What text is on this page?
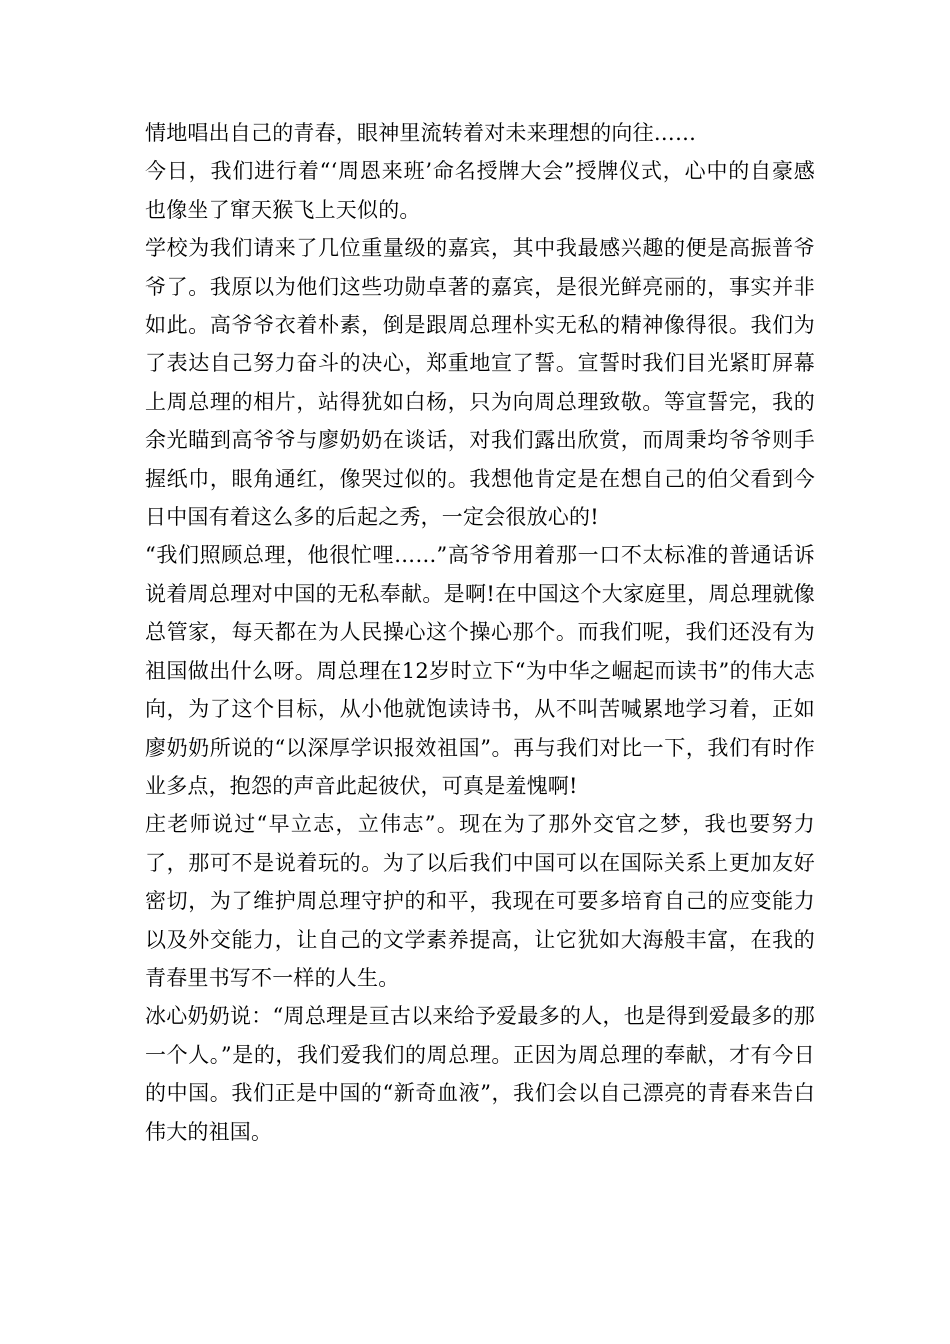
情地唱出自己的青春，眼神里流转着对未来理想的向往……

今日，我们进行着“‘周恩来班’命名授牌大会”授牌仪式，心中的自豪感也像坐了窜天猴飞上天似的。

学校为我们请来了几位重量级的嘉宾，其中我最感兴趣的便是高振普爷爷了。我原以为他们这些功勋卓著的嘉宾，是很光鲜亮丽的，事实并非如此。高爷爷衣着朴素，倒是跟周总理朴实无私的精神像得很。我们为了表达自己努力奋斗的决心，郑重地宣了誓。宣誓时我们目光紧盯屏幕上周总理的相片，站得犹如白杨，只为向周总理致敬。等宣誓完，我的余光瞄到高爷爷与廖奶奶在谈话，对我们露出欣赏，而周秉均爷爷则手握纸巾，眼角通红，像哭过似的。我想他肯定是在想自己的伯父看到今日中国有着这么多的后起之秀，一定会很放心的!

“我们照顾总理，他很忙哩……”高爷爷用着那一口不太标准的普通话诉说着周总理对中国的无私奉献。是啊!在中国这个大家庭里，周总理就像总管家，每天都在为人民操心这个操心那个。而我们呢，我们还没有为祖国做出什么呀。周总理在12岁时立下“为中华之崛起而读书”的伟大志向，为了这个目标，从小他就饱读诗书，从不叫苦喊累地学习着，正如廖奶奶所说的“以深厚学识报效祖国”。再与我们对比一下，我们有时作业多点，抱怨的声音此起彼伏，可真是羞愧啊!

庄老师说过“早立志，立伟志”。现在为了那外交官之梦，我也要努力了，那可不是说着玩的。为了以后我们中国可以在国际关系上更加友好密切，为了维护周总理守护的和平，我现在可要多培育自己的应变能力以及外交能力，让自己的文学素养提高，让它犹如大海般丰富，在我的青春里书写不一样的人生。

冰心奶奶说：“周总理是亘古以来给予爱最多的人，也是得到爱最多的那一个人。”是的，我们爱我们的周总理。正因为周总理的奉献，才有今日的中国。我们正是中国的“新奇血液”，我们会以自己漂亮的青春来告白伟大的祖国。
